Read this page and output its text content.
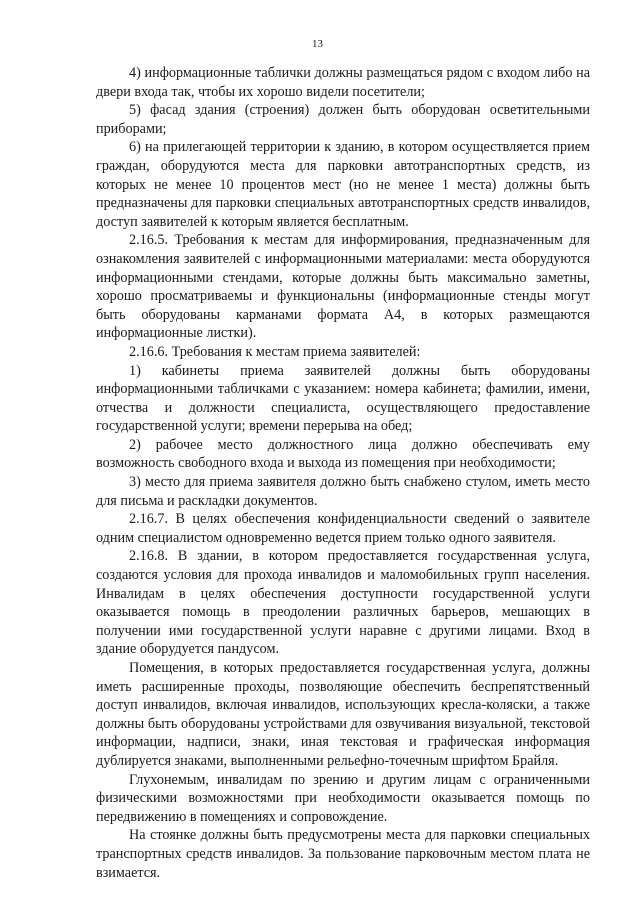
13

4) информационные таблички должны размещаться рядом с входом либо на двери входа так, чтобы их хорошо видели посетители;

5) фасад здания (строения) должен быть оборудован осветительными приборами;

6) на прилегающей территории к зданию, в котором осуществляется прием граждан, оборудуются места для парковки автотранспортных средств, из которых не менее 10 процентов мест (но не менее 1 места) должны быть предназначены для парковки специальных автотранспортных средств инвалидов, доступ заявителей к которым является бесплатным.

2.16.5. Требования к местам для информирования, предназначенным для ознакомления заявителей с информационными материалами: места оборудуются информационными стендами, которые должны быть максимально заметны, хорошо просматриваемы и функциональны (информационные стенды могут быть оборудованы карманами формата А4, в которых размещаются информационные листки).

2.16.6. Требования к местам приема заявителей:

1) кабинеты приема заявителей должны быть оборудованы информационными табличками с указанием: номера кабинета; фамилии, имени, отчества и должности специалиста, осуществляющего предоставление государственной услуги; времени перерыва на обед;

2) рабочее место должностного лица должно обеспечивать ему возможность свободного входа и выхода из помещения при необходимости;

3) место для приема заявителя должно быть снабжено стулом, иметь место для письма и раскладки документов.

2.16.7. В целях обеспечения конфиденциальности сведений о заявителе одним специалистом одновременно ведется прием только одного заявителя.

2.16.8. В здании, в котором предоставляется государственная услуга, создаются условия для прохода инвалидов и маломобильных групп населения. Инвалидам в целях обеспечения доступности государственной услуги оказывается помощь в преодолении различных барьеров, мешающих в получении ими государственной услуги наравне с другими лицами. Вход в здание оборудуется пандусом.

Помещения, в которых предоставляется государственная услуга, должны иметь расширенные проходы, позволяющие обеспечить беспрепятственный доступ инвалидов, включая инвалидов, использующих кресла-коляски, а также должны быть оборудованы устройствами для озвучивания визуальной, текстовой информации, надписи, знаки, иная текстовая и графическая информация дублируется знаками, выполненными рельефно-точечным шрифтом Брайля.

Глухонемым, инвалидам по зрению и другим лицам с ограниченными физическими возможностями при необходимости оказывается помощь по передвижению в помещениях и сопровождение.

На стоянке должны быть предусмотрены места для парковки специальных транспортных средств инвалидов. За пользование парковочным местом плата не взимается.
